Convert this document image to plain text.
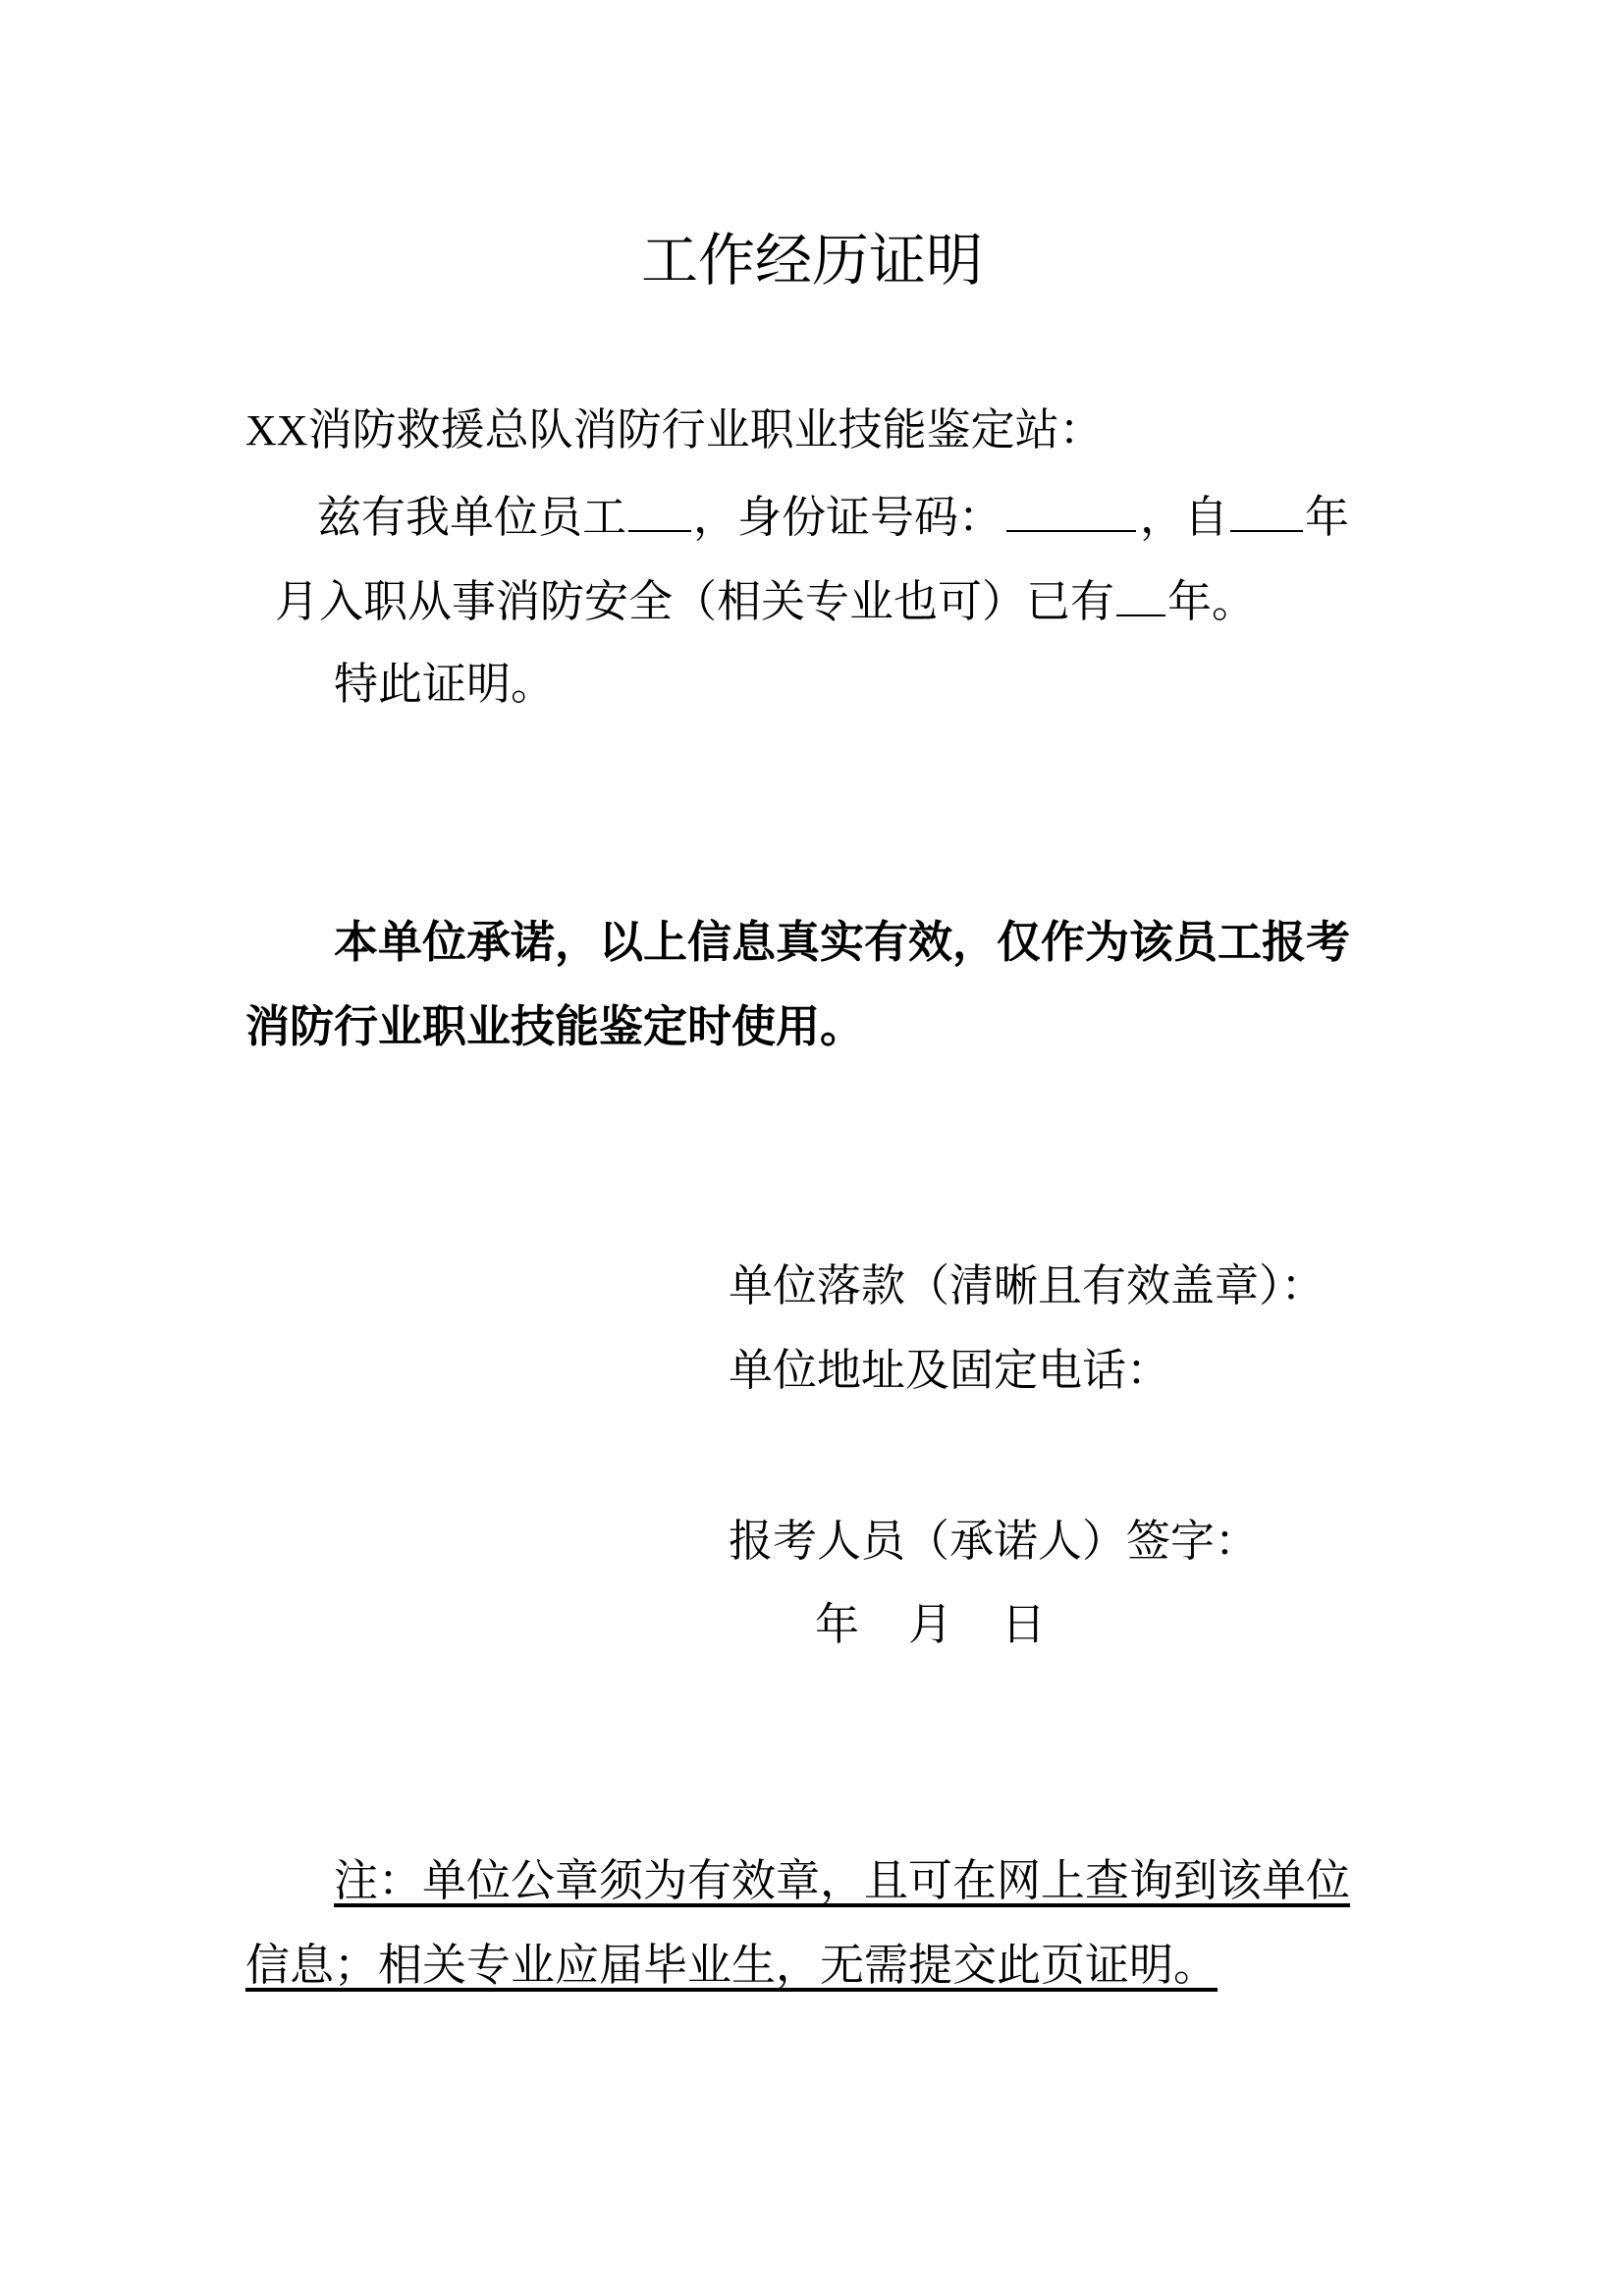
工作经历证明
XX消防救援总队消防行业职业技能鉴定站：
兹有我单位员工 ，身份证号码：	，自 年
月入职从事消防安全（相关专业也可）已有 年。
特此证明。
本单位承诺，以上信息真实有效，仅作为该员工报考
消防行业职业技能鉴定时使用。
单位落款（清晰且有效盖章）：
单位地址及固定电话：
报考人员（承诺人）签字：
年 月 日
注：单位公章须为有效章，且可在网上查询到该单位
信息；相关专业应届毕业生，无需提交此页证明。
